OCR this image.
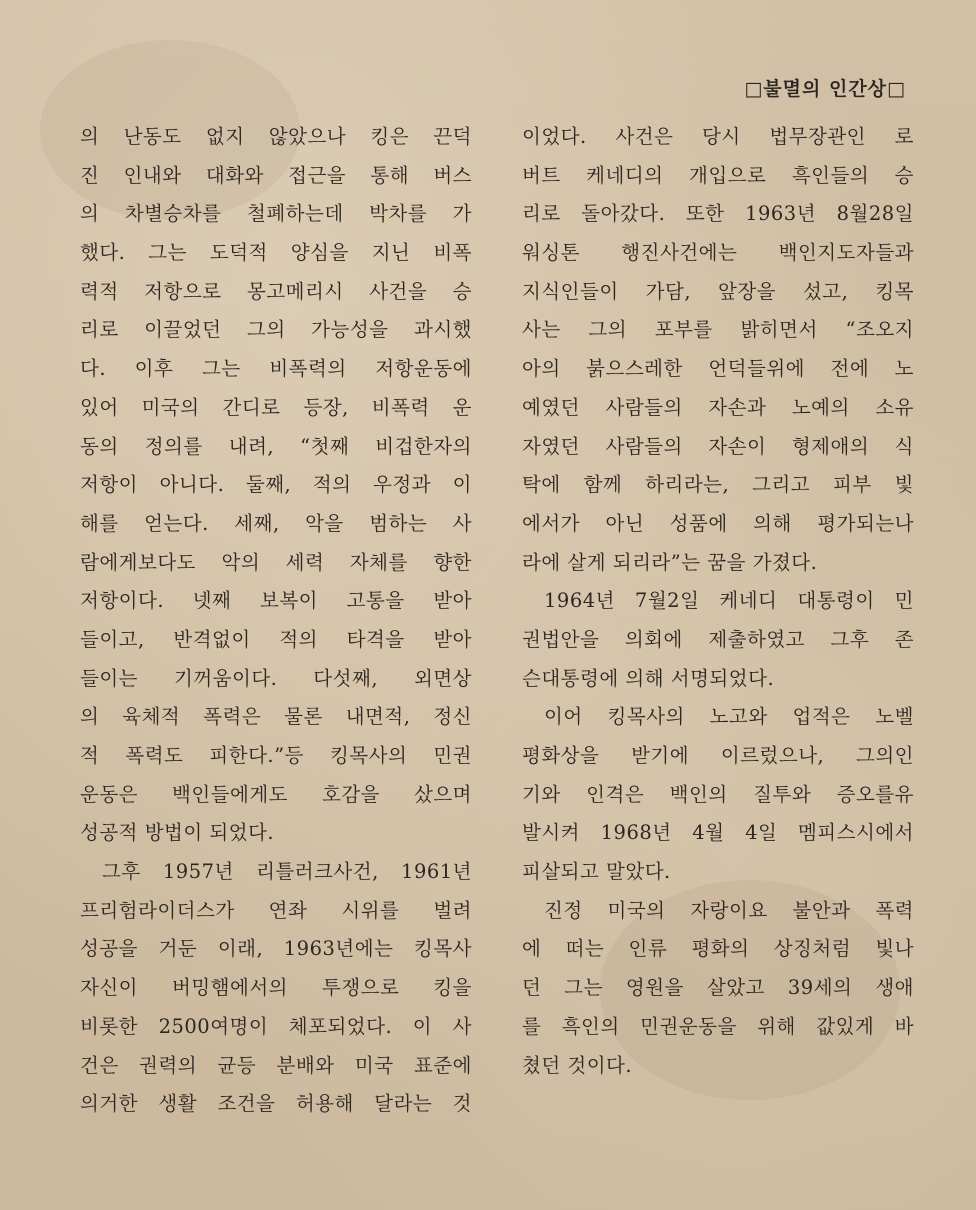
□불멸의 인간상□
의 난동도 없지 않았으나 킹은 끈덕
진 인내와 대화와 접근을 통해 버스
의 차별승차를 철폐하는데 박차를 가
했다. 그는 도덕적 양심을 지닌 비폭
력적 저항으로 몽고메리시 사건을 승
리로 이끌었던 그의 가능성을 과시했
다. 이후 그는 비폭력의 저항운동에
있어 미국의 간디로 등장, 비폭력 운
동의 정의를 내려, “첫째 비겁한자의
저항이 아니다. 둘째, 적의 우정과 이
해를 얻는다. 세째, 악을 범하는 사
람에게보다도 악의 세력 자체를 향한
저항이다. 넷째 보복이 고통을 받아
들이고, 반격없이 적의 타격을 받아
들이는 기꺼움이다. 다섯째, 외면상
의 육체적 폭력은 물론 내면적, 정신
적 폭력도 피한다.”등 킹목사의 민권
운동은 백인들에게도 호감을 샀으며
성공적 방법이 되었다.
그후 1957년 리틀러크사건, 1961년
프리험라이더스가 연좌 시위를 벌려
성공을 거둔 이래, 1963년에는 킹목사
자신이 버밍햄에서의 투쟁으로 킹을
비롯한 2500여명이 체포되었다. 이 사
건은 권력의 균등 분배와 미국 표준에
의거한 생활 조건을 허용해 달라는 것
이었다. 사건은 당시 법무장관인 로
버트 케네디의 개입으로 흑인들의 승
리로 돌아갔다. 또한 1963년 8월28일
워싱톤 행진사건에는 백인지도자들과
지식인들이 가담, 앞장을 섰고, 킹목
사는 그의 포부를 밝히면서 “조오지
아의 붉으스레한 언덕들위에 전에 노
예였던 사람들의 자손과 노예의 소유
자였던 사람들의 자손이 형제애의 식
탁에 함께 하리라는, 그리고 피부 빛
에서가 아닌 성품에 의해 평가되는나
라에 살게 되리라”는 꿈을 가졌다.
1964년 7월2일 케네디 대통령이 민
권법안을 의회에 제출하였고 그후 존
슨대통령에 의해 서명되었다.
이어 킹목사의 노고와 업적은 노벨
평화상을 받기에 이르렀으나, 그의인
기와 인격은 백인의 질투와 증오를유
발시켜 1968년 4월 4일 멤피스시에서
피살되고 말았다.
진정 미국의 자랑이요 불안과 폭력
에 떠는 인류 평화의 상징처럼 빛나
던 그는 영원을 살았고 39세의 생애
를 흑인의 민권운동을 위해 값있게 바
쳤던 것이다.
